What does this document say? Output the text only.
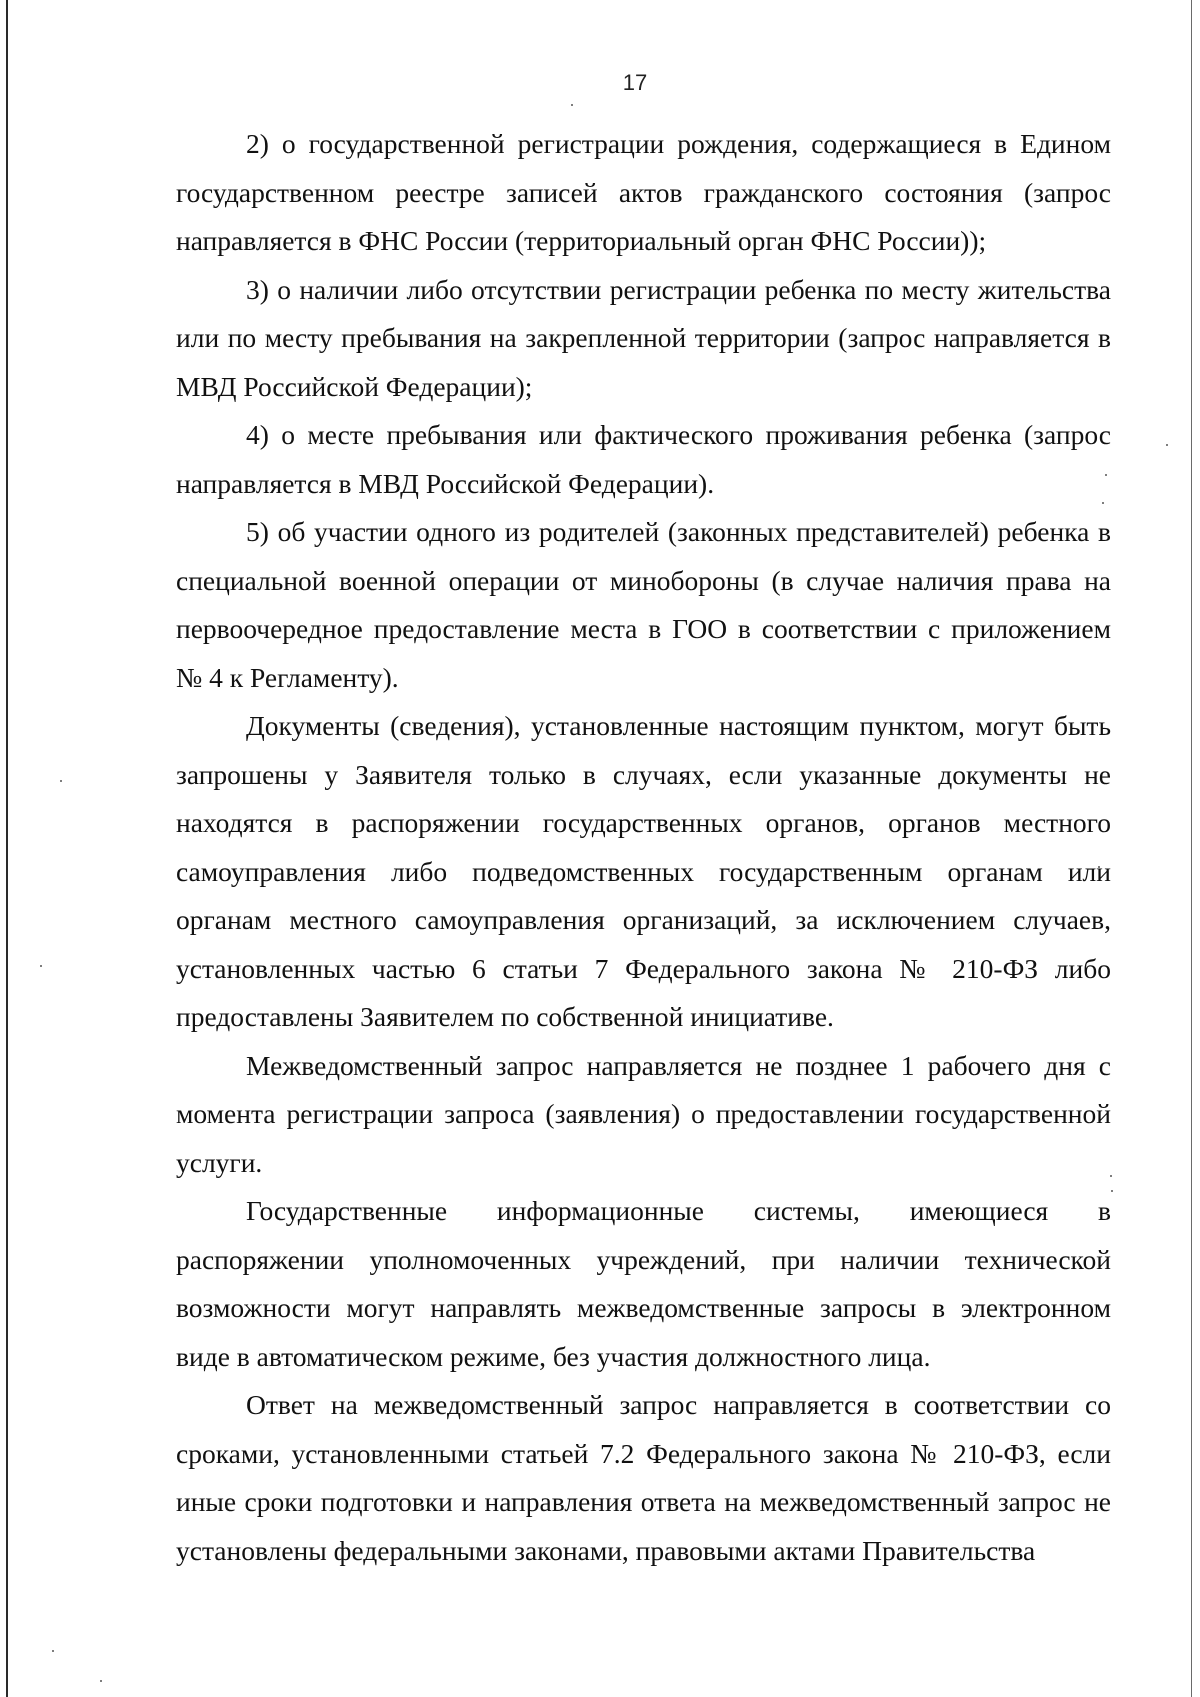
17

2) о государственной регистрации рождения, содержащиеся в Едином государственном реестре записей актов гражданского состояния (запрос направляется в ФНС России (территориальный орган ФНС России));

3) о наличии либо отсутствии регистрации ребенка по месту жительства или по месту пребывания на закрепленной территории (запрос направляется в МВД Российской Федерации);

4) о месте пребывания или фактического проживания ребенка (запрос направляется в МВД Российской Федерации).

5) об участии одного из родителей (законных представителей) ребенка в специальной военной операции от минобороны (в случае наличия права на первоочередное предоставление места в ГОО в соответствии с приложением № 4 к Регламенту).

Документы (сведения), установленные настоящим пунктом, могут быть запрошены у Заявителя только в случаях, если указанные документы не находятся в распоряжении государственных органов, органов местного самоуправления либо подведомственных государственным органам или органам местного самоуправления организаций, за исключением случаев, установленных частью 6 статьи 7 Федерального закона № 210-ФЗ либо предоставлены Заявителем по собственной инициативе.

Межведомственный запрос направляется не позднее 1 рабочего дня с момента регистрации запроса (заявления) о предоставлении государственной услуги.

Государственные информационные системы, имеющиеся в распоряжении уполномоченных учреждений, при наличии технической возможности могут направлять межведомственные запросы в электронном виде в автоматическом режиме, без участия должностного лица.

Ответ на межведомственный запрос направляется в соответствии со сроками, установленными статьей 7.2 Федерального закона № 210-ФЗ, если иные сроки подготовки и направления ответа на межведомственный запрос не установлены федеральными законами, правовыми актами Правительства
